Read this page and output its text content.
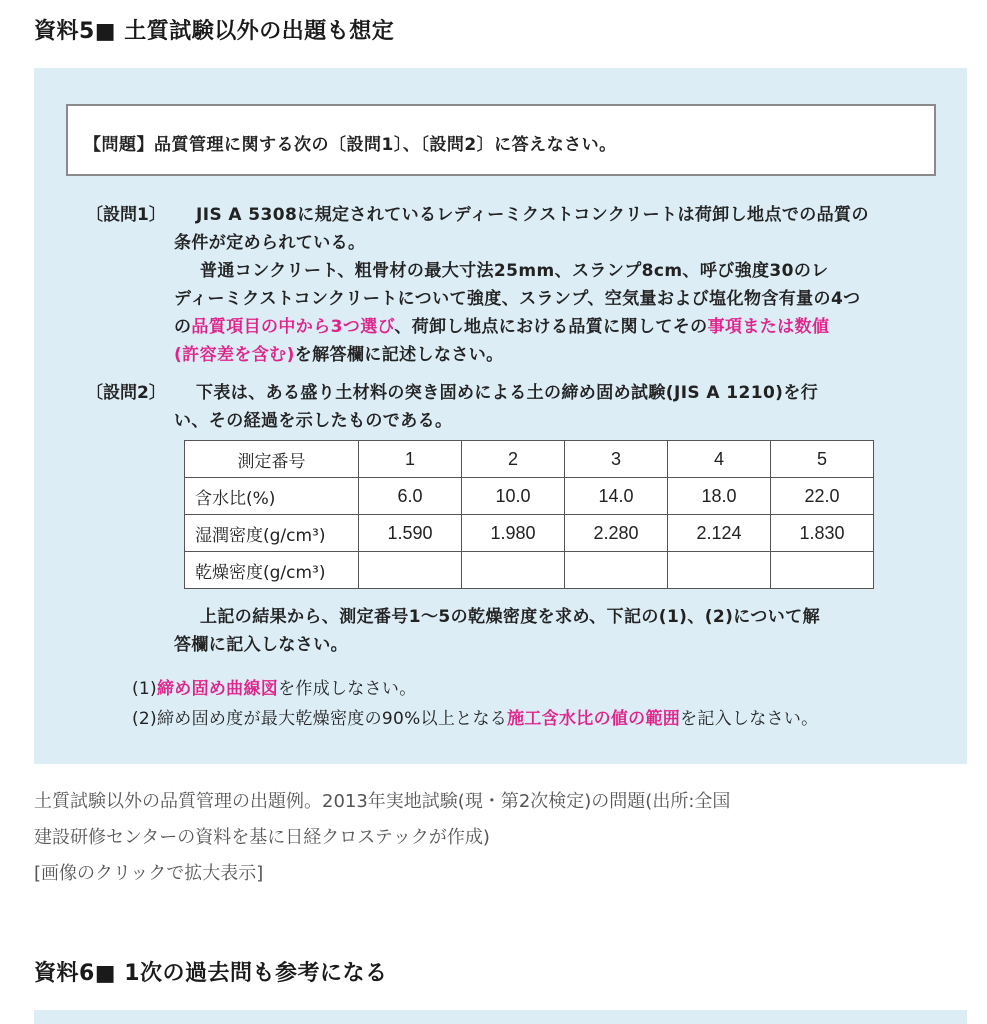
資料5■ 土質試験以外の出題も想定
【問題】品質管理に関する次の〔設問1〕、〔設問2〕に答えなさい。
〔設問1〕 JIS A 5308に規定されているレディーミクストコンクリートは荷卸し地点での品質の
条件が定められている。
普通コンクリート、粗骨材の最大寸法25mm、スランプ8cm、呼び強度30のレ
ディーミクストコンクリートについて強度、スランプ、空気量および塩化物含有量の4つ
の品質項目の中から3つ選び、荷卸し地点における品質に関してその事項または数値
(許容差を含む)を解答欄に記述しなさい。
〔設問2〕 下表は、ある盛り土材料の突き固めによる土の締め固め試験(JIS A 1210)を行
い、その経過を示したものである。
測定番号	1	2	3	4	5
含水比(%)	6.0	10.0	14.0	18.0	22.0
湿潤密度(g/cm³)	1.590	1.980	2.280	2.124	1.830
乾燥密度(g/cm³)					
上記の結果から、測定番号1～5の乾燥密度を求め、下記の(1)、(2)について解
答欄に記入しなさい。
(1)締め固め曲線図を作成しなさい。
(2)締め固め度が最大乾燥密度の90%以上となる施工含水比の値の範囲を記入しなさい。
土質試験以外の品質管理の出題例。2013年実地試験(現・第2次検定)の問題(出所:全国
建設研修センターの資料を基に日経クロステックが作成)
[画像のクリックで拡大表示]
資料6■ 1次の過去問も参考になる
